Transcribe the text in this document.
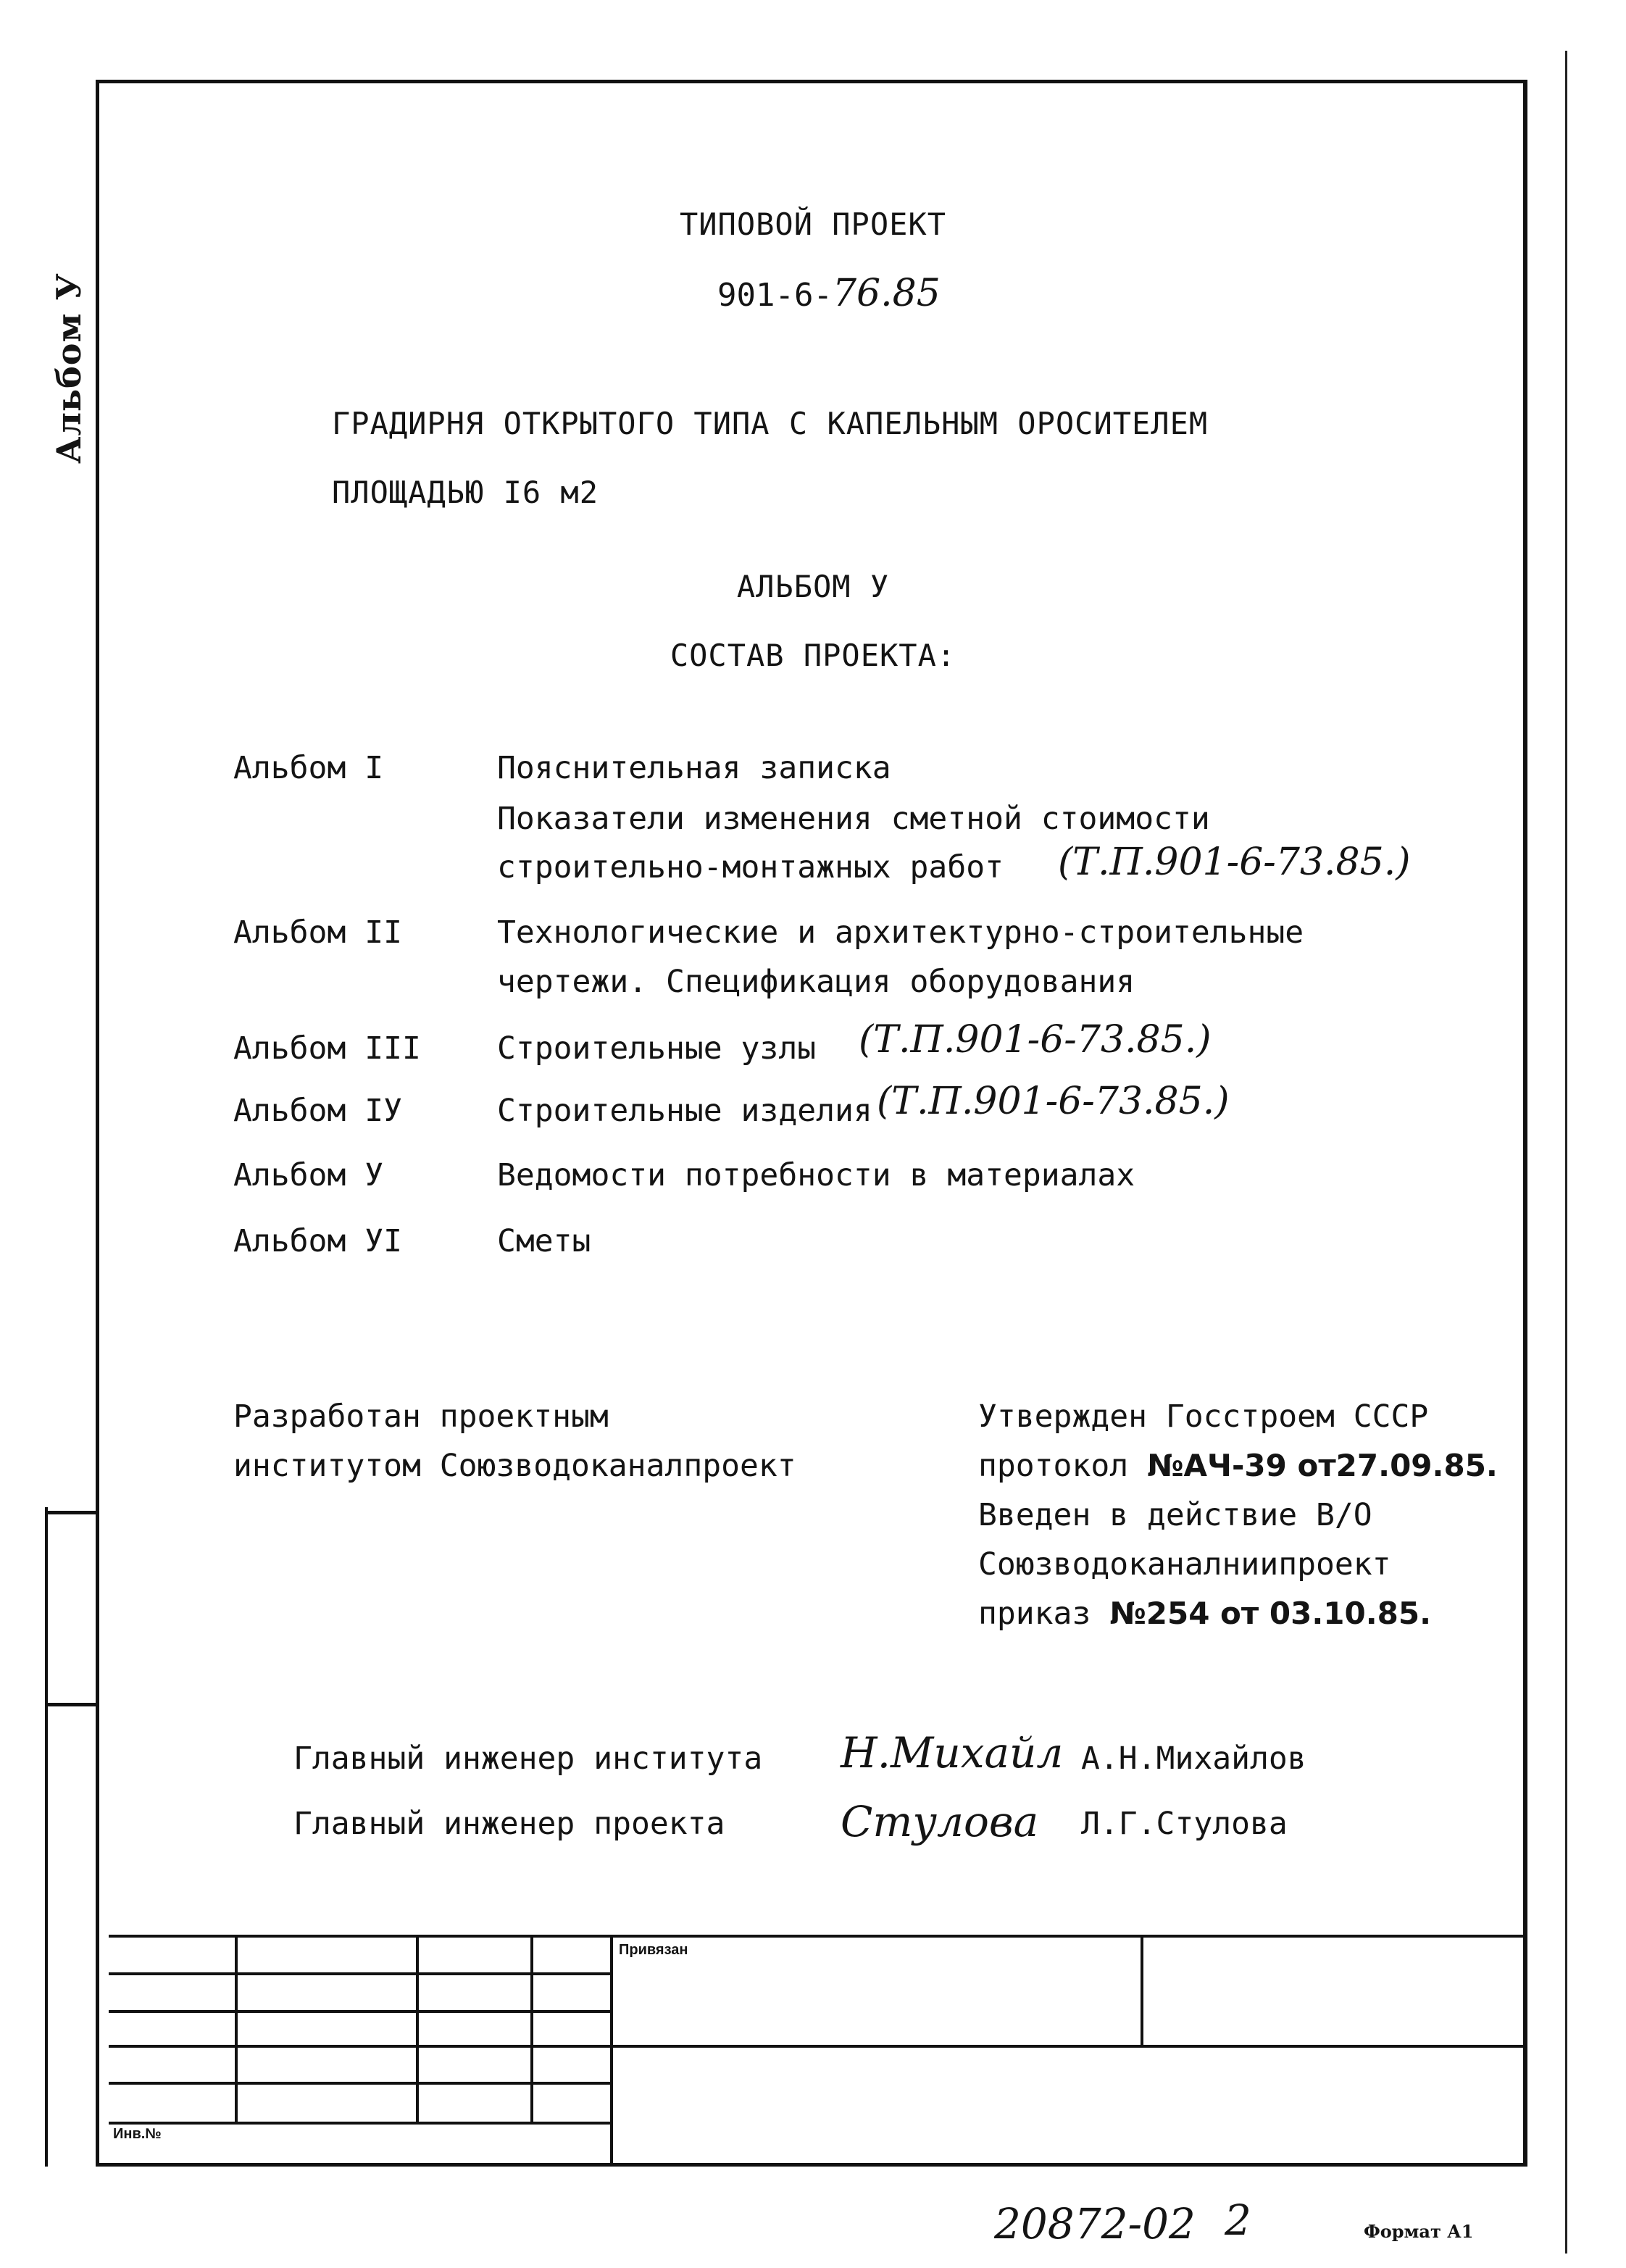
Альбом У
ТИПОВОЙ ПРОЕКТ
901-6-76.85
ГРАДИРНЯ ОТКРЫТОГО ТИПА С КАПЕЛЬНЫМ ОРОСИТЕЛЕМ
ПЛОЩАДЬЮ I6 м2
АЛЬБОМ У
СОСТАВ ПРОЕКТА:
Альбом I	Пояснительная записка
Показатели изменения сметной стоимости
строительно-монтажных работ (Т.П.901-6-73.85.)
Альбом II	Технологические и архитектурно-строительные
чертежи. Спецификация оборудования
Альбом III Строительные узлы (Т.П.901-6-73.85.)
Альбом IУ	Строительные изделия (Т.П.901-6-73.85.)
Альбом У	Ведомости потребности в материалах
Альбом УI	Сметы
Разработан проектным
институтом Союзводоканалпроект
Утвержден Госстроем СССР
протокол №АЧ-39 от27.09.85.
Введен в действие В/О
Союзводоканалниипроект
приказ №254 от 03.10.85.
Главный инженер института Н.Михайл А.Н.Михайлов
Главный инженер проекта	Стулова Л.Г.Стулова
Привязан
Инв.№
20872-02 2	Формат А1
